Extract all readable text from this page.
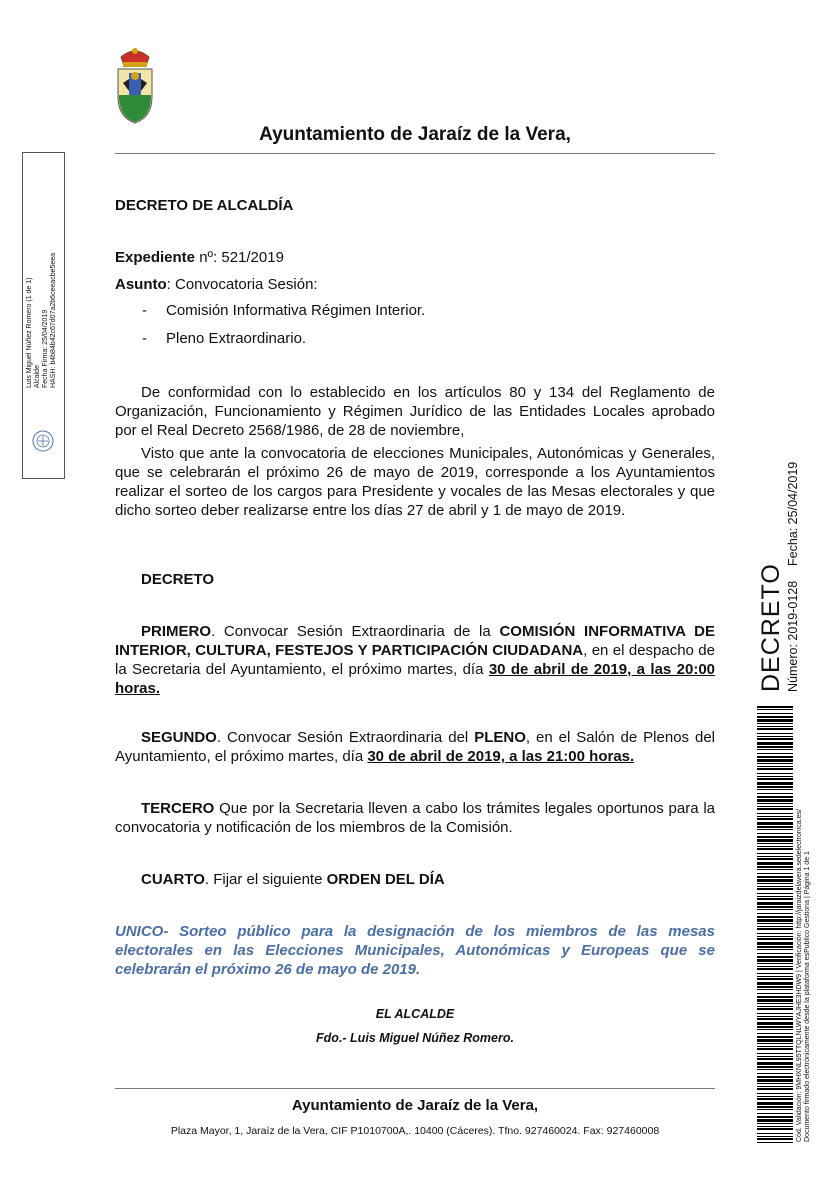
Ayuntamiento de Jaraíz de la Vera,
Luis Miguel Núñez Romero (1 de 1) Alcalde Fecha Firma: 25/04/2019 HASH: b4b84b42c67d07a2b6ceeacbe5eea
DECRETO DE ALCALDÍA
Expediente nº: 521/2019
Asunto: Convocatoria Sesión:
- Comisión Informativa Régimen Interior.
- Pleno Extraordinario.
De conformidad con lo establecido en los artículos 80 y 134 del Reglamento de Organización, Funcionamiento y Régimen Jurídico de las Entidades Locales aprobado por el Real Decreto 2568/1986, de 28 de noviembre,
Visto que ante la convocatoria de elecciones Municipales, Autonómicas y Generales, que se celebrarán el próximo 26 de mayo de 2019, corresponde a los Ayuntamientos realizar el sorteo de los cargos para Presidente y vocales de las Mesas electorales y que dicho sorteo deber realizarse entre los días 27 de abril y 1 de mayo de 2019.
DECRETO
PRIMERO. Convocar Sesión Extraordinaria de la COMISIÓN INFORMATIVA DE INTERIOR, CULTURA, FESTEJOS Y PARTICIPACIÓN CIUDADANA, en el despacho de la Secretaria del Ayuntamiento, el próximo martes, día 30 de abril de 2019, a las 20:00 horas.
SEGUNDO. Convocar Sesión Extraordinaria del PLENO, en el Salón de Plenos del Ayuntamiento, el próximo martes, día 30 de abril de 2019, a las 21:00 horas.
TERCERO Que por la Secretaria lleven a cabo los trámites legales oportunos para la convocatoria y notificación de los miembros de la Comisión.
CUARTO. Fijar el siguiente ORDEN DEL DÍA
UNICO- Sorteo público para la designación de los miembros de las mesas electorales en las Elecciones Municipales, Autonómicas y Europeas que se celebrarán el próximo 26 de mayo de 2019.
EL ALCALDE
Fdo.- Luis Miguel Núñez Romero.
Ayuntamiento de Jaraíz de la Vera,
Plaza Mayor, 1, Jaraíz de la Vera, CIF P1010700A,. 10400 (Cáceres). Tfno. 927460024. Fax: 927460008
DECRETO Número: 2019-0128
Fecha: 25/04/2019
Cód. Validación: 9MHXNL95TTQLNLWYAJHE3HDW9 | Verificación: http://jaraizdelavera.sedelectronica.es/ Documento firmado electrónicamente desde la plataforma esPublico Gestiona | Página 1 de 1
